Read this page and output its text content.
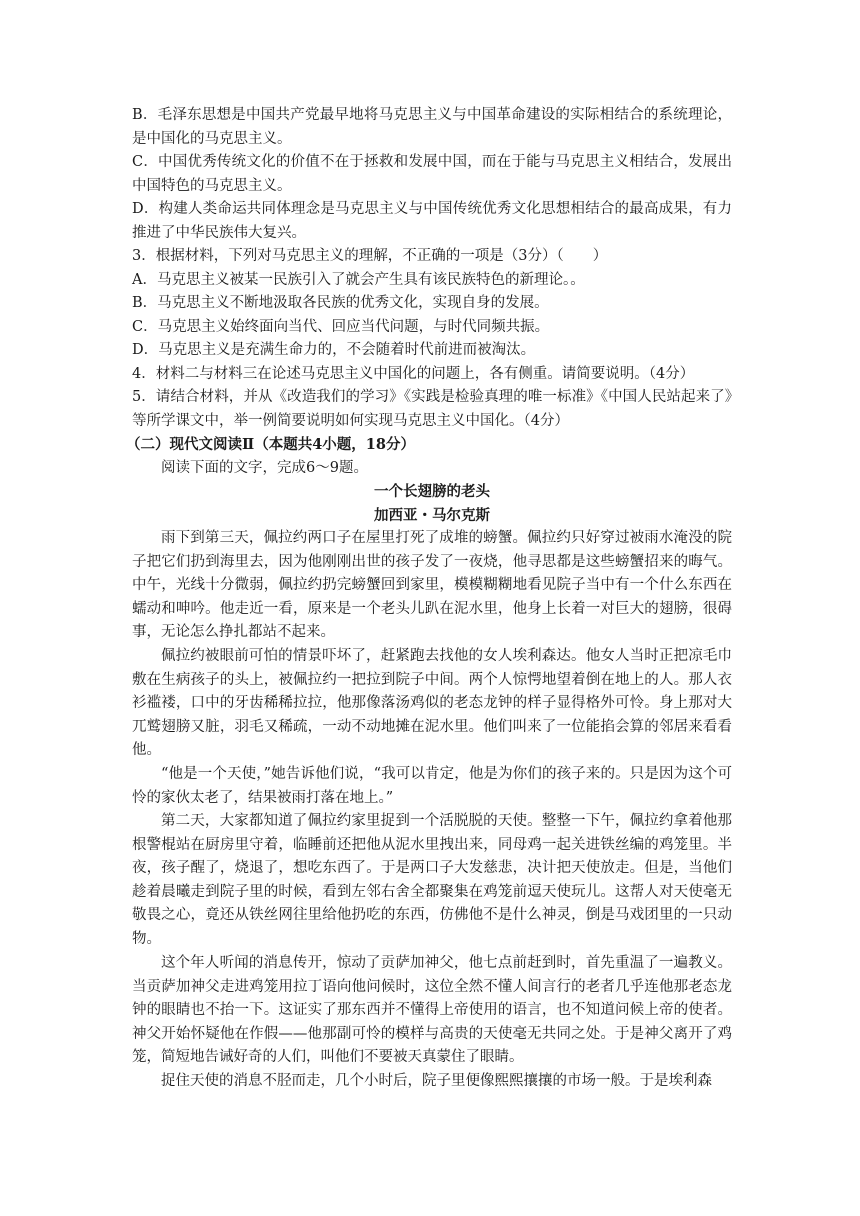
B．毛泽东思想是中国共产党最早地将马克思主义与中国革命建设的实际相结合的系统理论，是中国化的马克思主义。
C．中国优秀传统文化的价值不在于拯救和发展中国，而在于能与马克思主义相结合，发展出中国特色的马克思主义。
D．构建人类命运共同体理念是马克思主义与中国传统优秀文化思想相结合的最高成果，有力推进了中华民族伟大复兴。
3．根据材料，下列对马克思主义的理解，不正确的一项是（3分）（　　）
A．马克思主义被某一民族引入了就会产生具有该民族特色的新理论。。
B．马克思主义不断地汲取各民族的优秀文化，实现自身的发展。
C．马克思主义始终面向当代、回应当代问题，与时代同频共振。
D．马克思主义是充满生命力的，不会随着时代前进而被淘汰。
4．材料二与材料三在论述马克思主义中国化的问题上，各有侧重。请简要说明。（4分）
5．请结合材料，并从《改造我们的学习》《实践是检验真理的唯一标准》《中国人民站起来了》等所学课文中，举一例简要说明如何实现马克思主义中国化。（4分）
（二）现代文阅读Ⅱ（本题共4小题，18分）
阅读下面的文字，完成6～9题。
一个长翅膀的老头
加西亚・马尔克斯
雨下到第三天，佩拉约两口子在屋里打死了成堆的螃蟹。佩拉约只好穿过被雨水淹没的院子把它们扔到海里去，因为他刚刚出世的孩子发了一夜烧，他寻思都是这些螃蟹招来的晦气。中午，光线十分微弱，佩拉约扔完螃蟹回到家里，模模糊糊地看见院子当中有一个什么东西在蠕动和呻吟。他走近一看，原来是一个老头儿趴在泥水里，他身上长着一对巨大的翅膀，很碍事，无论怎么挣扎都站不起来。
佩拉约被眼前可怕的情景吓坏了，赶紧跑去找他的女人埃利森达。他女人当时正把凉毛巾敷在生病孩子的头上，被佩拉约一把拉到院子中间。两个人惊愕地望着倒在地上的人。那人衣衫褴褛，口中的牙齿稀稀拉拉，他那像落汤鸡似的老态龙钟的样子显得格外可怜。身上那对大兀鹫翅膀又脏，羽毛又稀疏，一动不动地摊在泥水里。他们叫来了一位能掐会算的邻居来看看他。
“他是一个天使，”她告诉他们说，“我可以肯定，他是为你们的孩子来的。只是因为这个可怜的家伙太老了，结果被雨打落在地上。”
第二天，大家都知道了佩拉约家里捉到一个活脱脱的天使。整整一下午，佩拉约拿着他那根警棍站在厨房里守着，临睡前还把他从泥水里拽出来，同母鸡一起关进铁丝编的鸡笼里。半夜，孩子醒了，烧退了，想吃东西了。于是两口子大发慈悲，决计把天使放走。但是，当他们趁着晨曦走到院子里的时候，看到左邻右舍全都聚集在鸡笼前逗天使玩儿。这帮人对天使毫无敬畏之心，竟还从铁丝网往里给他扔吃的东西，仿佛他不是什么神灵，倒是马戏团里的一只动物。
这个年人听闻的消息传开，惊动了贡萨加神父，他七点前赶到时，首先重温了一遍教义。当贡萨加神父走进鸡笼用拉丁语向他问候时，这位全然不懂人间言行的老者几乎连他那老态龙钟的眼睛也不抬一下。这证实了那东西并不懂得上帝使用的语言，也不知道问候上帝的使者。神父开始怀疑他在作假——他那副可怜的模样与高贵的天使毫无共同之处。于是神父离开了鸡笼，简短地告诫好奇的人们，叫他们不要被天真蒙住了眼睛。
捉住天使的消息不胫而走，几个小时后，院子里便像熙熙攘攘的市场一般。于是埃利森
